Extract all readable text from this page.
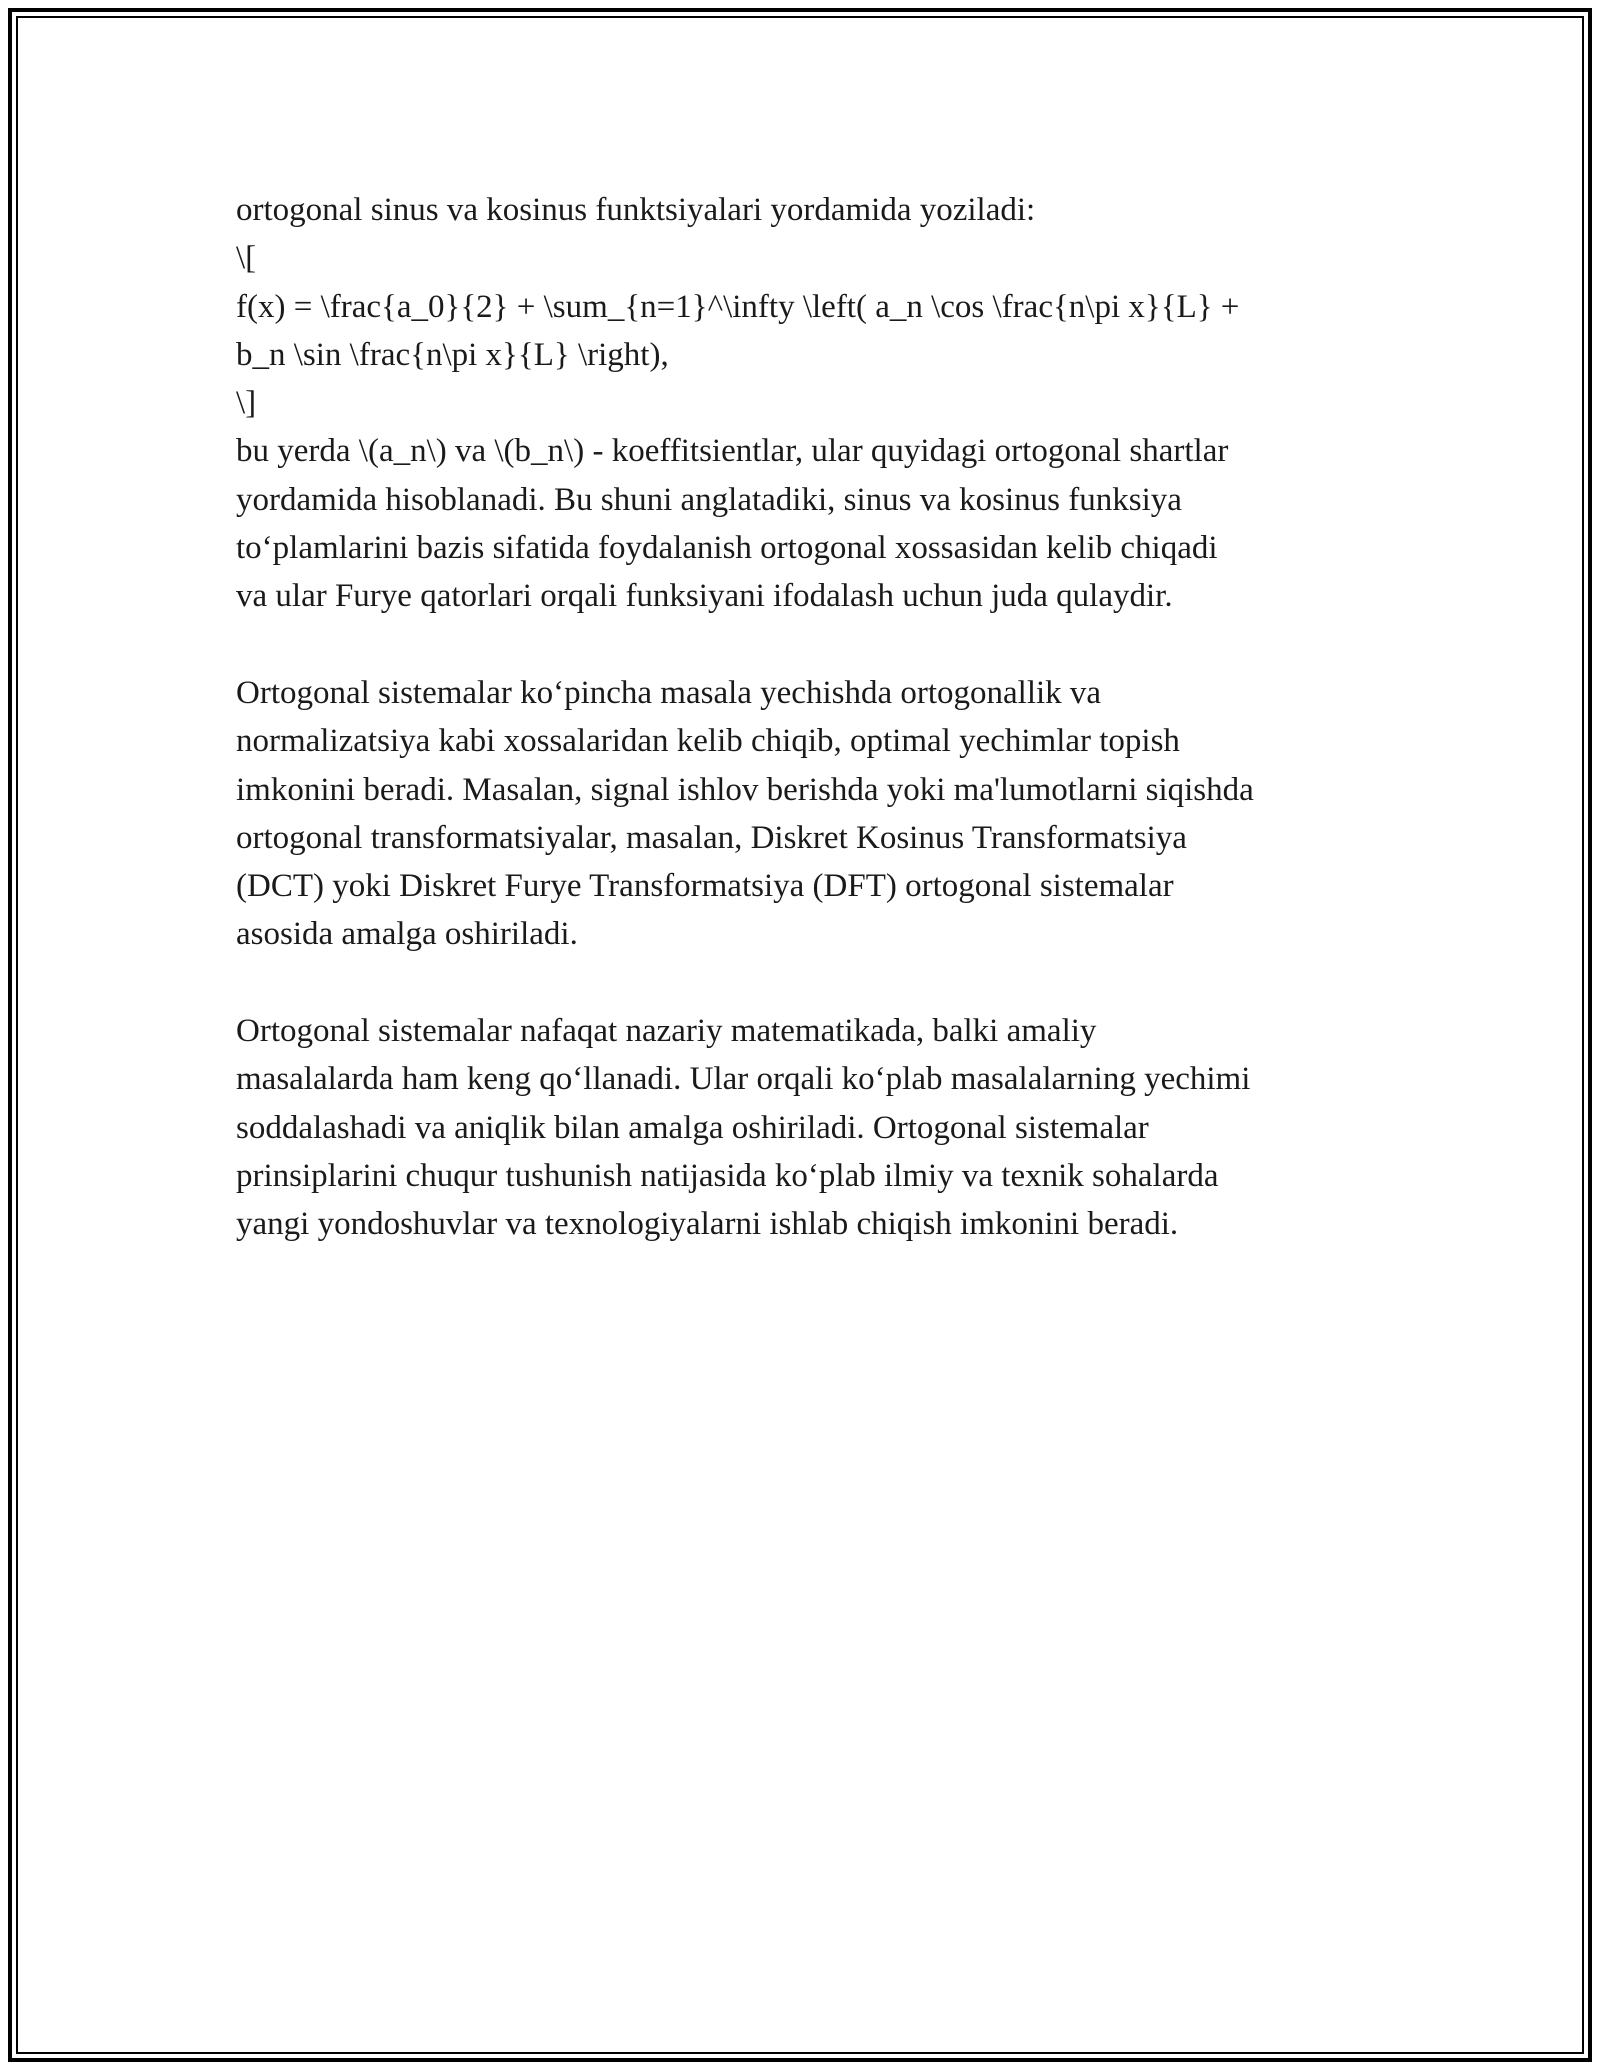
ortogonal sinus va kosinus funktsiyalari yordamida yoziladi:
\[
f(x) = \frac{a_0}{2} + \sum_{n=1}^\infty \left( a_n \cos \frac{n\pi x}{L} +
b_n \sin \frac{n\pi x}{L} \right),
\]
bu yerda \(a_n\) va \(b_n\) - koeffitsientlar, ular quyidagi ortogonal shartlar
yordamida hisoblanadi. Bu shuni anglatadiki, sinus va kosinus funksiya
to‘plamlarini bazis sifatida foydalanish ortogonal xossasidan kelib chiqadi
va ular Furye qatorlari orqali funksiyani ifodalash uchun juda qulaydir.
Ortogonal sistemalar ko‘pincha masala yechishda ortogonallik va
normalizatsiya kabi xossalaridan kelib chiqib, optimal yechimlar topish
imkonini beradi. Masalan, signal ishlov berishda yoki ma'lumotlarni siqishda
ortogonal transformatsiyalar, masalan, Diskret Kosinus Transformatsiya
(DCT) yoki Diskret Furye Transformatsiya (DFT) ortogonal sistemalar
asosida amalga oshiriladi.
Ortogonal sistemalar nafaqat nazariy matematikada, balki amaliy
masalalarda ham keng qo‘llanadi. Ular orqali ko‘plab masalalarning yechimi
soddalashadi va aniqlik bilan amalga oshiriladi. Ortogonal sistemalar
prinsiplarini chuqur tushunish natijasida ko‘plab ilmiy va texnik sohalarda
yangi yondoshuvlar va texnologiyalarni ishlab chiqish imkonini beradi.
